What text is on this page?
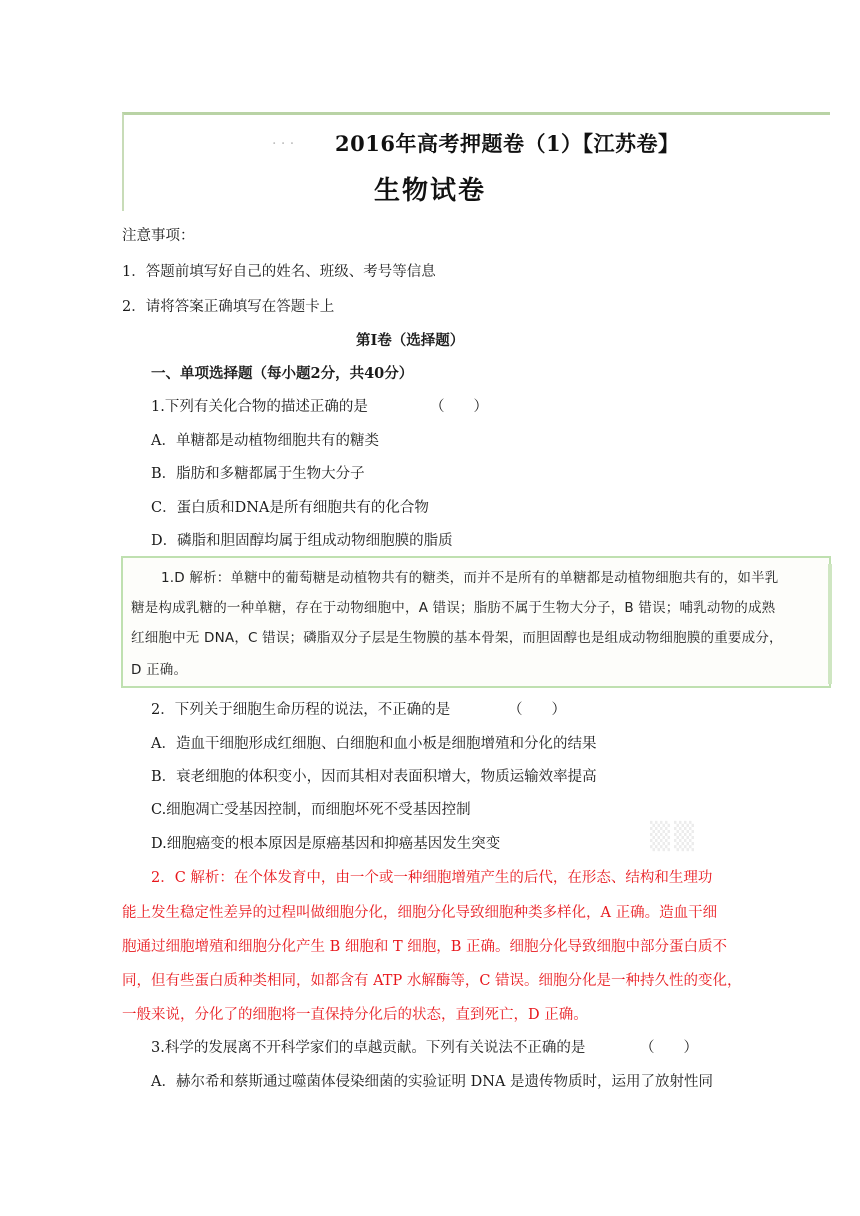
· · · 2016年高考押题卷（1）【江苏卷】
生物试卷
注意事项：
1．答题前填写好自己的姓名、班级、考号等信息
2．请将答案正确填写在答题卡上
第Ⅰ卷（选择题）
一、单项选择题（每小题2分，共40分）
1.下列有关化合物的描述正确的是	（　　）
A．单糖都是动植物细胞共有的糖类
B．脂肪和多糖都属于生物大分子
C．蛋白质和DNA是所有细胞共有的化合物
D．磷脂和胆固醇均属于组成动物细胞膜的脂质
1.D 解析：单糖中的葡萄糖是动植物共有的糖类，而并不是所有的单糖都是动植物细胞共有的，如半乳
糖是构成乳糖的一种单糖，存在于动物细胞中，A 错误；脂肪不属于生物大分子，B 错误；哺乳动物的成熟
红细胞中无 DNA，C 错误；磷脂双分子层是生物膜的基本骨架，而胆固醇也是组成动物细胞膜的重要成分，
D 正确。
2．下列关于细胞生命历程的说法，不正确的是	（　　）
A．造血干细胞形成红细胞、白细胞和血小板是细胞增殖和分化的结果
B．衰老细胞的体积变小，因而其相对表面积增大，物质运输效率提高
C.细胞凋亡受基因控制，而细胞坏死不受基因控制
D.细胞癌变的根本原因是原癌基因和抑癌基因发生突变	▒▒
2．C 解析：在个体发育中，由一个或一种细胞增殖产生的后代，在形态、结构和生理功
能上发生稳定性差异的过程叫做细胞分化，细胞分化导致细胞种类多样化，A 正确。造血干细
胞通过细胞增殖和细胞分化产生 B 细胞和 T 细胞，B 正确。细胞分化导致细胞中部分蛋白质不
同，但有些蛋白质种类相同，如都含有 ATP 水解酶等，C 错误。细胞分化是一种持久性的变化，
一般来说，分化了的细胞将一直保持分化后的状态，直到死亡，D 正确。
3.科学的发展离不开科学家们的卓越贡献。下列有关说法不正确的是	（　　）
A．赫尔希和蔡斯通过噬菌体侵染细菌的实验证明 DNA 是遗传物质时，运用了放射性同
